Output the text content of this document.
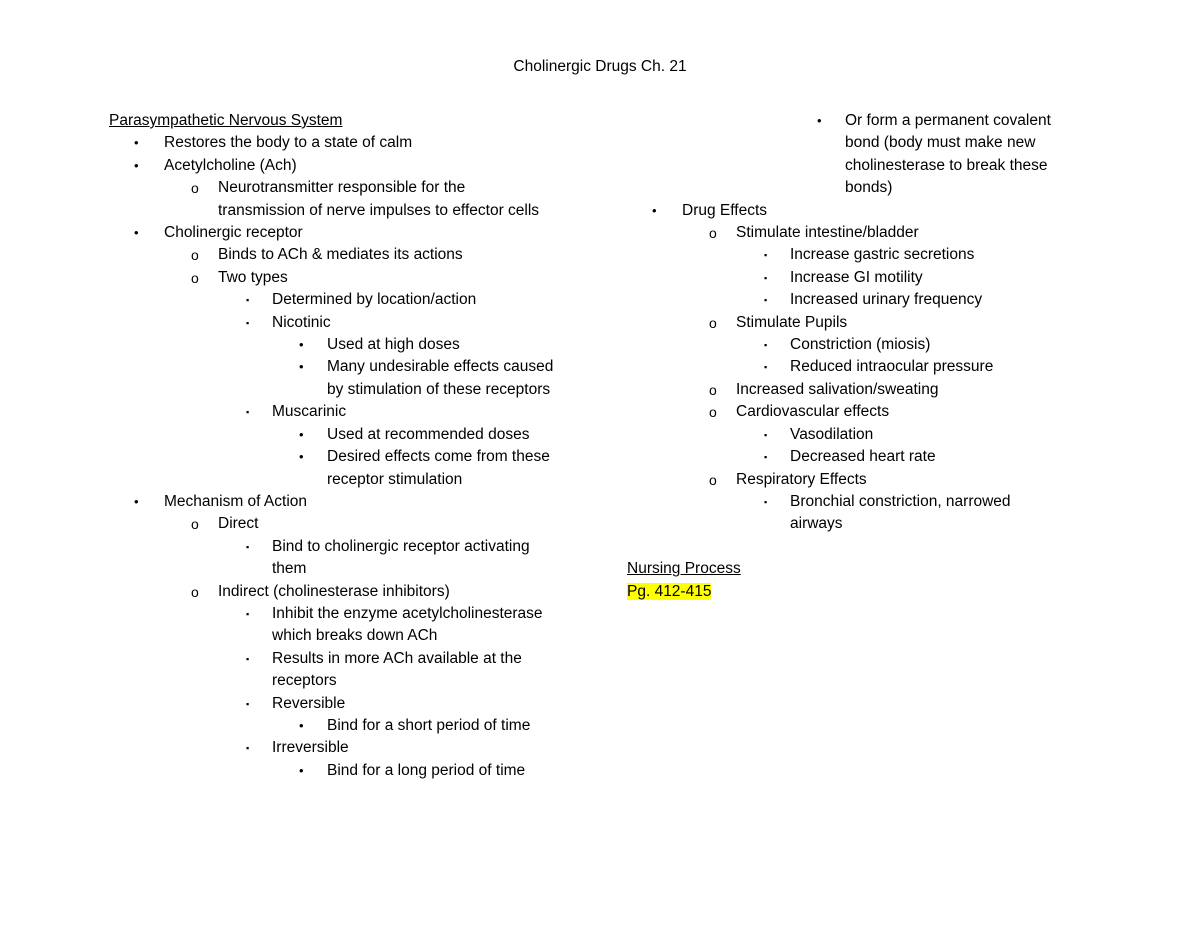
Cholinergic Drugs Ch. 21
Parasympathetic Nervous System
• Restores the body to a state of calm
• Acetylcholine (Ach)
o Neurotransmitter responsible for the
transmission of nerve impulses to effector cells
• Cholinergic receptor
o Binds to ACh & mediates its actions
o Two types
▪ Determined by location/action
▪ Nicotinic
• Used at high doses
• Many undesirable effects caused
by stimulation of these receptors
▪ Muscarinic
• Used at recommended doses
• Desired effects come from these
receptor stimulation
• Mechanism of Action
o Direct
▪ Bind to cholinergic receptor activating
them
o Indirect (cholinesterase inhibitors)
▪ Inhibit the enzyme acetylcholinesterase
which breaks down ACh
▪ Results in more ACh available at the
receptors
▪ Reversible
• Bind for a short period of time
▪ Irreversible
• Bind for a long period of time
• Or form a permanent covalent
bond (body must make new
cholinesterase to break these
bonds)
• Drug Effects
o Stimulate intestine/bladder
▪ Increase gastric secretions
▪ Increase GI motility
▪ Increased urinary frequency
o Stimulate Pupils
▪ Constriction (miosis)
▪ Reduced intraocular pressure
o Increased salivation/sweating
o Cardiovascular effects
▪ Vasodilation
▪ Decreased heart rate
o Respiratory Effects
▪ Bronchial constriction, narrowed
airways
Nursing Process
Pg. 412-415
